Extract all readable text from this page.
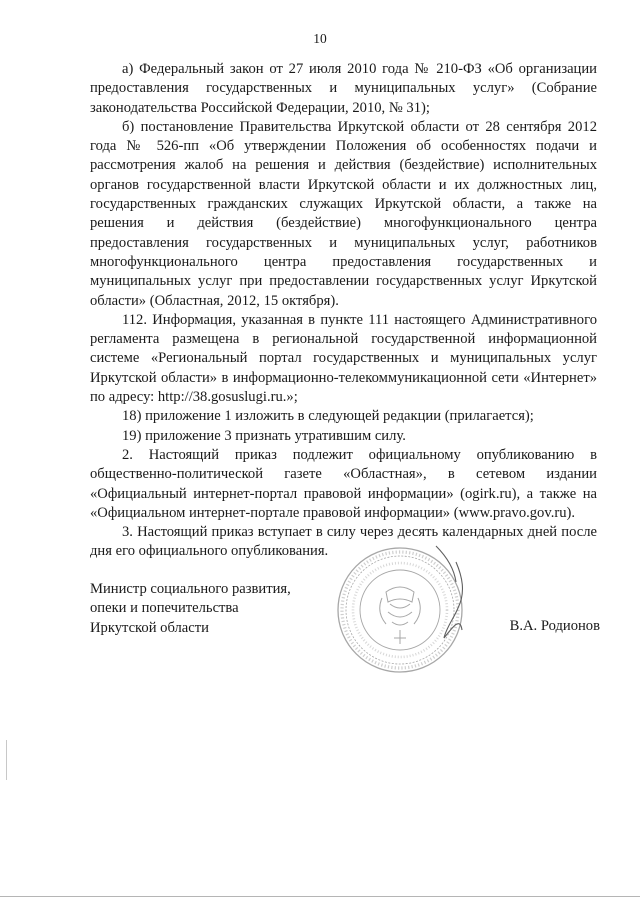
10

а) Федеральный закон от 27 июля 2010 года № 210-ФЗ «Об организации предоставления государственных и муниципальных услуг» (Собрание законодательства Российской Федерации, 2010, № 31);

б) постановление Правительства Иркутской области от 28 сентября 2012 года № 526-пп «Об утверждении Положения об особенностях подачи и рассмотрения жалоб на решения и действия (бездействие) исполнительных органов государственной власти Иркутской области и их должностных лиц, государственных гражданских служащих Иркутской области, а также на решения и действия (бездействие) многофункционального центра предоставления государственных и муниципальных услуг, работников многофункционального центра предоставления государственных и муниципальных услуг при предоставлении государственных услуг Иркутской области» (Областная, 2012, 15 октября).

112. Информация, указанная в пункте 111 настоящего Административного регламента размещена в региональной государственной информационной системе «Региональный портал государственных и муниципальных услуг Иркутской области» в информационно-телекоммуникационной сети «Интернет» по адресу: http://38.gosuslugi.ru.»;

18) приложение 1 изложить в следующей редакции (прилагается);

19) приложение 3 признать утратившим силу.

2. Настоящий приказ подлежит официальному опубликованию в общественно-политической газете «Областная», в сетевом издании «Официальный интернет-портал правовой информации» (ogirk.ru), а также на «Официальном интернет-портале правовой информации» (www.pravo.gov.ru).

3. Настоящий приказ вступает в силу через десять календарных дней после дня его официального опубликования.

Министр социального развития,
опеки и попечительства
Иркутской области	В.А. Родионов
